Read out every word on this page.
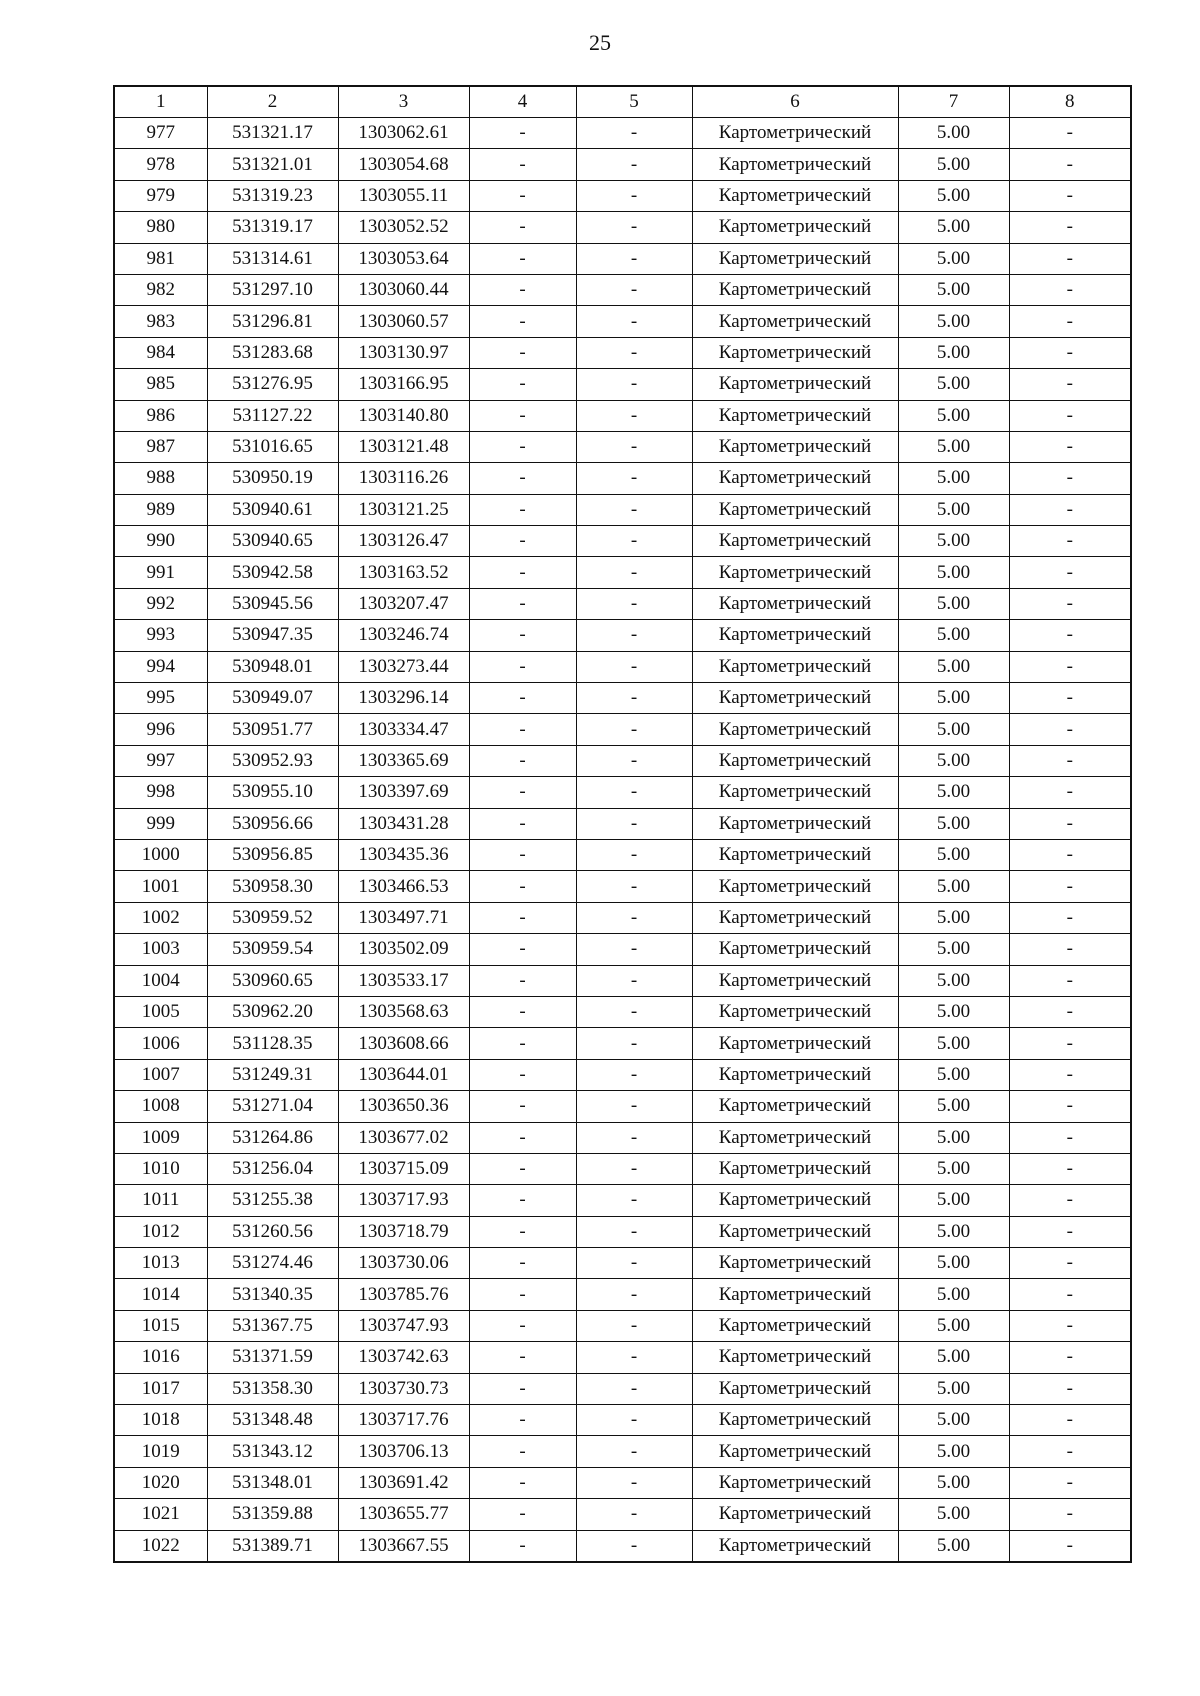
25
1	2	3	4	5	6	7	8
977	531321.17	1303062.61	-	-	Картометрический	5.00	-
978	531321.01	1303054.68	-	-	Картометрический	5.00	-
979	531319.23	1303055.11	-	-	Картометрический	5.00	-
980	531319.17	1303052.52	-	-	Картометрический	5.00	-
981	531314.61	1303053.64	-	-	Картометрический	5.00	-
982	531297.10	1303060.44	-	-	Картометрический	5.00	-
983	531296.81	1303060.57	-	-	Картометрический	5.00	-
984	531283.68	1303130.97	-	-	Картометрический	5.00	-
985	531276.95	1303166.95	-	-	Картометрический	5.00	-
986	531127.22	1303140.80	-	-	Картометрический	5.00	-
987	531016.65	1303121.48	-	-	Картометрический	5.00	-
988	530950.19	1303116.26	-	-	Картометрический	5.00	-
989	530940.61	1303121.25	-	-	Картометрический	5.00	-
990	530940.65	1303126.47	-	-	Картометрический	5.00	-
991	530942.58	1303163.52	-	-	Картометрический	5.00	-
992	530945.56	1303207.47	-	-	Картометрический	5.00	-
993	530947.35	1303246.74	-	-	Картометрический	5.00	-
994	530948.01	1303273.44	-	-	Картометрический	5.00	-
995	530949.07	1303296.14	-	-	Картометрический	5.00	-
996	530951.77	1303334.47	-	-	Картометрический	5.00	-
997	530952.93	1303365.69	-	-	Картометрический	5.00	-
998	530955.10	1303397.69	-	-	Картометрический	5.00	-
999	530956.66	1303431.28	-	-	Картометрический	5.00	-
1000	530956.85	1303435.36	-	-	Картометрический	5.00	-
1001	530958.30	1303466.53	-	-	Картометрический	5.00	-
1002	530959.52	1303497.71	-	-	Картометрический	5.00	-
1003	530959.54	1303502.09	-	-	Картометрический	5.00	-
1004	530960.65	1303533.17	-	-	Картометрический	5.00	-
1005	530962.20	1303568.63	-	-	Картометрический	5.00	-
1006	531128.35	1303608.66	-	-	Картометрический	5.00	-
1007	531249.31	1303644.01	-	-	Картометрический	5.00	-
1008	531271.04	1303650.36	-	-	Картометрический	5.00	-
1009	531264.86	1303677.02	-	-	Картометрический	5.00	-
1010	531256.04	1303715.09	-	-	Картометрический	5.00	-
1011	531255.38	1303717.93	-	-	Картометрический	5.00	-
1012	531260.56	1303718.79	-	-	Картометрический	5.00	-
1013	531274.46	1303730.06	-	-	Картометрический	5.00	-
1014	531340.35	1303785.76	-	-	Картометрический	5.00	-
1015	531367.75	1303747.93	-	-	Картометрический	5.00	-
1016	531371.59	1303742.63	-	-	Картометрический	5.00	-
1017	531358.30	1303730.73	-	-	Картометрический	5.00	-
1018	531348.48	1303717.76	-	-	Картометрический	5.00	-
1019	531343.12	1303706.13	-	-	Картометрический	5.00	-
1020	531348.01	1303691.42	-	-	Картометрический	5.00	-
1021	531359.88	1303655.77	-	-	Картометрический	5.00	-
1022	531389.71	1303667.55	-	-	Картометрический	5.00	-
